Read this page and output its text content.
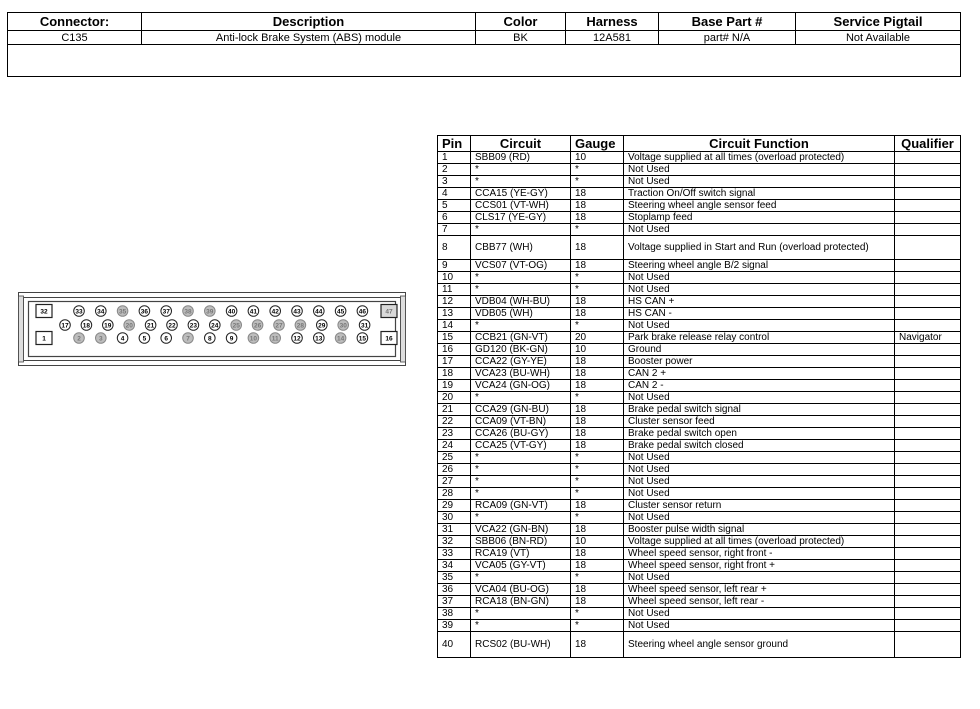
Connector:	Description	Color	Harness	Base Part #	Service Pigtail
C135	Anti-lock Brake System (ABS) module	BK	12A581	part# N/A	Not Available

32	33 34 35 36 37 38 39 40 41 42 43 44 45 46	47
17 18 19 20 21 22 23 24 25 26 27 28 29 30 31
1	2	3	4	5	6	7	8	9	10 11 12 13 14 15	16
Pin	Circuit	Gauge	Circuit Function	Qualifier
1	SBB09 (RD)	10	Voltage supplied at all times (overload protected)	
2	*	*	Not Used	
3	*	*	Not Used	
4	CCA15 (YE-GY)	18	Traction On/Off switch signal	
5	CCS01 (VT-WH)	18	Steering wheel angle sensor feed	
6	CLS17 (YE-GY)	18	Stoplamp feed	
7	*	*	Not Used	
8	CBB77 (WH)	18	Voltage supplied in Start and Run (overload protected)	
9	VCS07 (VT-OG)	18	Steering wheel angle B/2 signal	
10	*	*	Not Used	
11	*	*	Not Used	
12	VDB04 (WH-BU)	18	HS CAN +	
13	VDB05 (WH)	18	HS CAN -	
14	*	*	Not Used	
15	CCB21 (GN-VT)	20	Park brake release relay control	Navigator
16	GD120 (BK-GN)	10	Ground	
17	CCA22 (GY-YE)	18	Booster power	
18	VCA23 (BU-WH)	18	CAN 2 +	
19	VCA24 (GN-OG)	18	CAN 2 -	
20	*	*	Not Used	
21	CCA29 (GN-BU)	18	Brake pedal switch signal	
22	CCA09 (VT-BN)	18	Cluster sensor feed	
23	CCA26 (BU-GY)	18	Brake pedal switch open	
24	CCA25 (VT-GY)	18	Brake pedal switch closed	
25	*	*	Not Used	
26	*	*	Not Used	
27	*	*	Not Used	
28	*	*	Not Used	
29	RCA09 (GN-VT)	18	Cluster sensor return	
30	*	*	Not Used	
31	VCA22 (GN-BN)	18	Booster pulse width signal	
32	SBB06 (BN-RD)	10	Voltage supplied at all times (overload protected)	
33	RCA19 (VT)	18	Wheel speed sensor, right front -	
34	VCA05 (GY-VT)	18	Wheel speed sensor, right front +	
35	*	*	Not Used	
36	VCA04 (BU-OG)	18	Wheel speed sensor, left rear +	
37	RCA18 (BN-GN)	18	Wheel speed sensor, left rear -	
38	*	*	Not Used	
39	*	*	Not Used	
40	RCS02 (BU-WH)	18	Steering wheel angle sensor ground	
